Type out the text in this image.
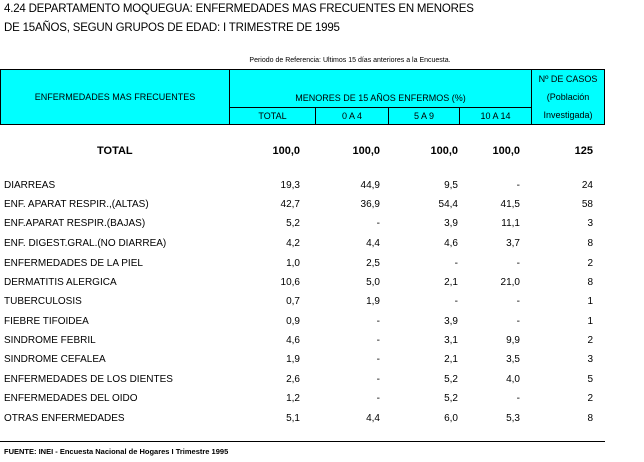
4.24 DEPARTAMENTO MOQUEGUA: ENFERMEDADES MAS FRECUENTES EN MENORES
DE 15AÑOS, SEGUN GRUPOS DE EDAD: I TRIMESTRE DE 1995
Periodo de Referencia: Ultimos 15 días anteriores a la Encuesta.
ENFERMEDADES MAS FRECUENTES	MENORES DE 15 AÑOS ENFERMOS (%)
TOTAL	0 A 4	5 A 9	10 A 14
Nº DE CASOS
(Población
Investigada)
TOTAL	100,0	100,0	100,0	100,0	125
DIARREAS	19,3	44,9	9,5	-	24
ENF. APARAT RESPIR.,(ALTAS)	42,7	36,9	54,4	41,5	58
ENF.APARAT RESPIR.(BAJAS)	5,2	-	3,9	11,1	3
ENF. DIGEST.GRAL.(NO DIARREA)	4,2	4,4	4,6	3,7	8
ENFERMEDADES DE LA PIEL	1,0	2,5	-	-	2
DERMATITIS ALERGICA	10,6	5,0	2,1	21,0	8
TUBERCULOSIS	0,7	1,9	-	-	1
FIEBRE TIFOIDEA	0,9	-	3,9	-	1
SINDROME FEBRIL	4,6	-	3,1	9,9	2
SINDROME CEFALEA	1,9	-	2,1	3,5	3
ENFERMEDADES DE LOS DIENTES	2,6	-	5,2	4,0	5
ENFERMEDADES DEL OIDO	1,2	-	5,2	-	2
OTRAS ENFERMEDADES	5,1	4,4	6,0	5,3	8
FUENTE: INEI - Encuesta Nacional de Hogares I Trimestre 1995
